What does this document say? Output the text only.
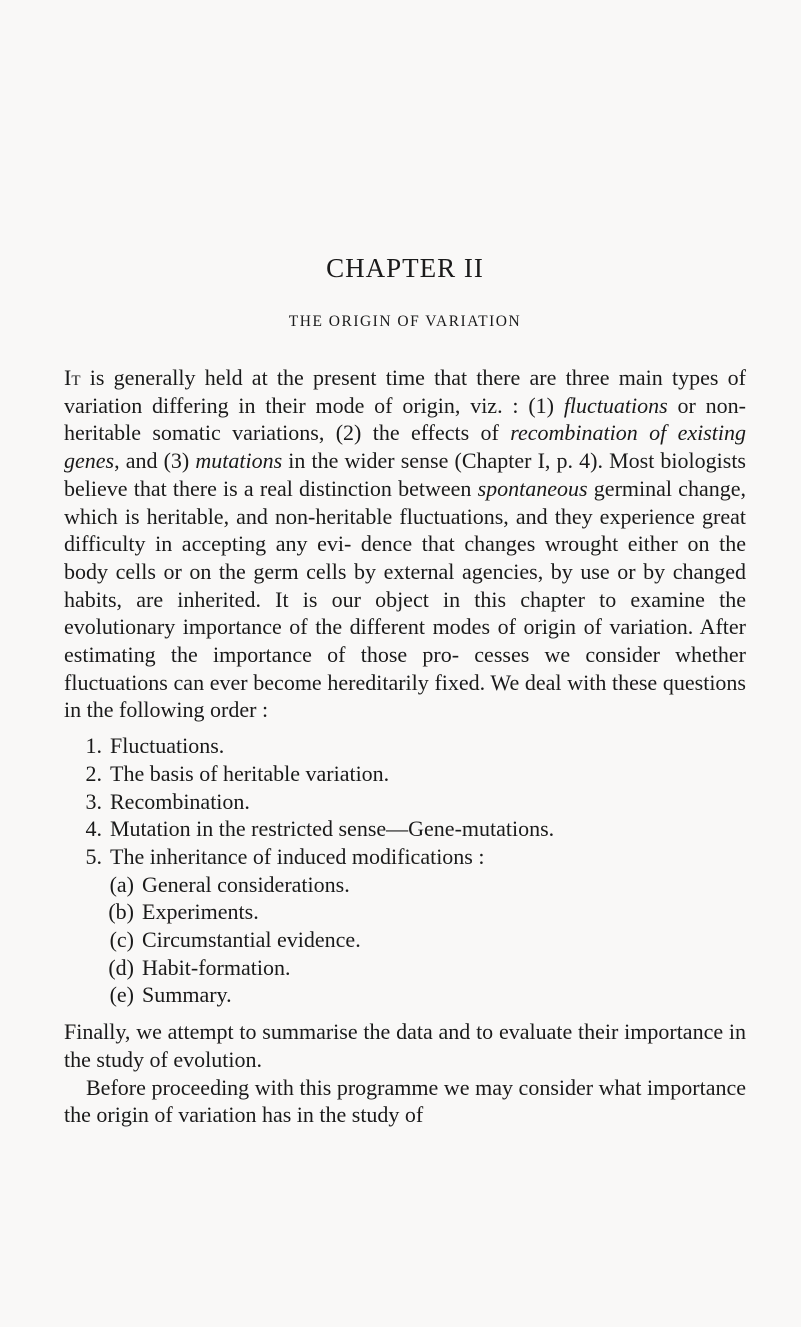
CHAPTER II
THE ORIGIN OF VARIATION

It is generally held at the present time that there are three main types of variation differing in their mode of origin, viz. : (1) fluctuations or non-heritable somatic variations, (2) the effects of recombination of existing genes, and (3) mutations in the wider sense (Chapter I, p. 4). Most biologists believe that there is a real distinction between spontaneous germinal change, which is heritable, and non-heritable fluctuations, and they experience great difficulty in accepting any evi- dence that changes wrought either on the body cells or on the germ cells by external agencies, by use or by changed habits, are inherited. It is our object in this chapter to examine the evolutionary importance of the different modes of origin of variation. After estimating the importance of those pro- cesses we consider whether fluctuations can ever become hereditarily fixed. We deal with these questions in the following order :

1. Fluctuations.
2. The basis of heritable variation.
3. Recombination.
4. Mutation in the restricted sense—Gene-mutations.
5. The inheritance of induced modifications :
(a) General considerations.
(b) Experiments.
(c) Circumstantial evidence.
(d) Habit-formation.
(e) Summary.

Finally, we attempt to summarise the data and to evaluate their importance in the study of evolution.

Before proceeding with this programme we may consider what importance the origin of variation has in the study of
